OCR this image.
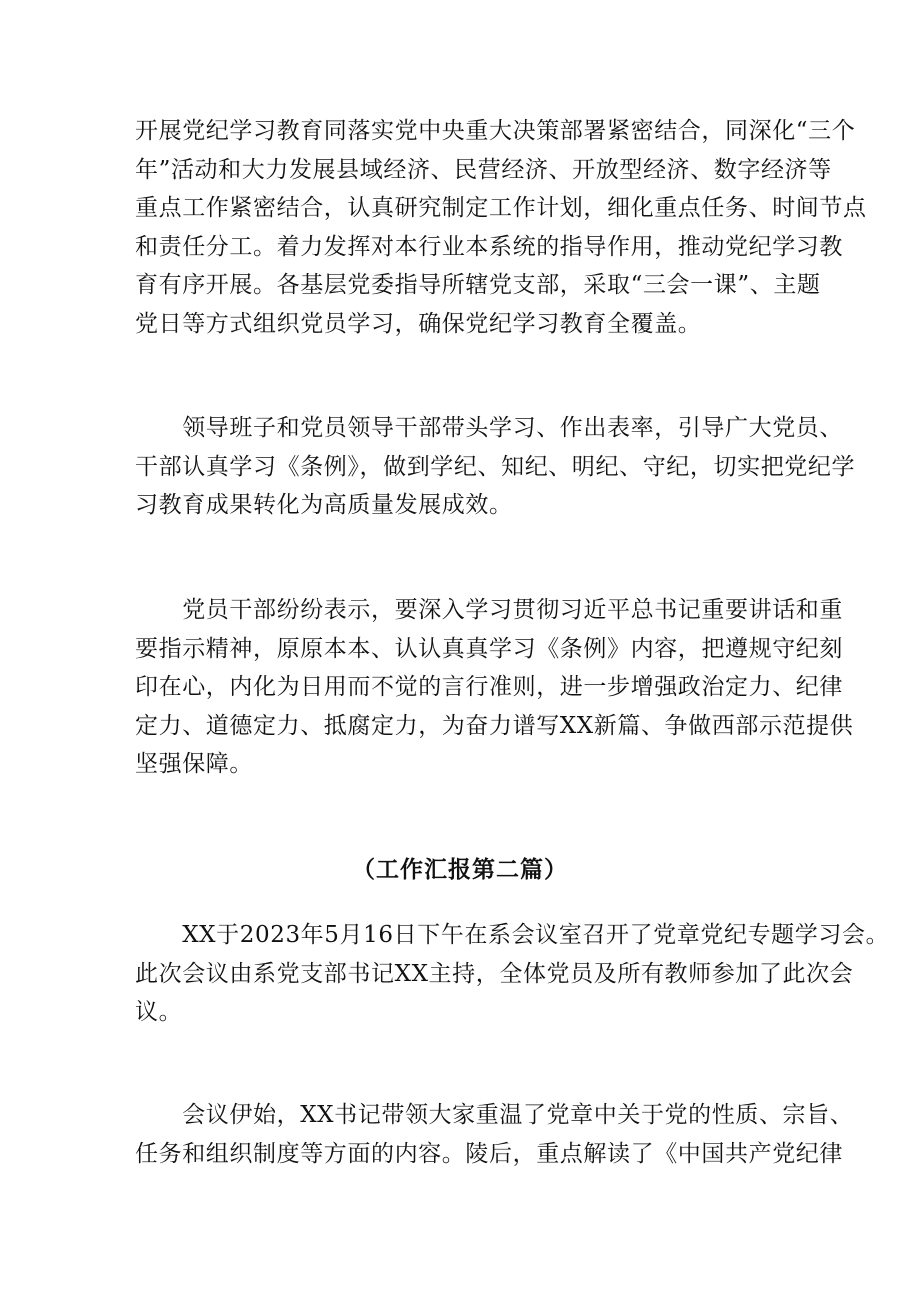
开展党纪学习教育同落实党中央重大决策部署紧密结合，同深化“三个
年”活动和大力发展县域经济、民营经济、开放型经济、数字经济等
重点工作紧密结合，认真研究制定工作计划，细化重点任务、时间节点
和责任分工。着力发挥对本行业本系统的指导作用，推动党纪学习教
育有序开展。各基层党委指导所辖党支部，采取“三会一课”、主题
党日等方式组织党员学习，确保党纪学习教育全覆盖。
　　领导班子和党员领导干部带头学习、作出表率，引导广大党员、
干部认真学习《条例》，做到学纪、知纪、明纪、守纪，切实把党纪学
习教育成果转化为高质量发展成效。
　　党员干部纷纷表示，要深入学习贯彻习近平总书记重要讲话和重
要指示精神，原原本本、认认真真学习《条例》内容，把遵规守纪刻
印在心，内化为日用而不觉的言行准则，进一步增强政治定力、纪律
定力、道德定力、抵腐定力，为奋力谱写XX新篇、争做西部示范提供
坚强保障。
（工作汇报第二篇）
　　XX于2023年5月16日下午在系会议室召开了党章党纪专题学习会。
此次会议由系党支部书记XX主持，全体党员及所有教师参加了此次会
议。
　　会议伊始，XX书记带领大家重温了党章中关于党的性质、宗旨、
任务和组织制度等方面的内容。陵后，重点解读了《中国共产党纪律
